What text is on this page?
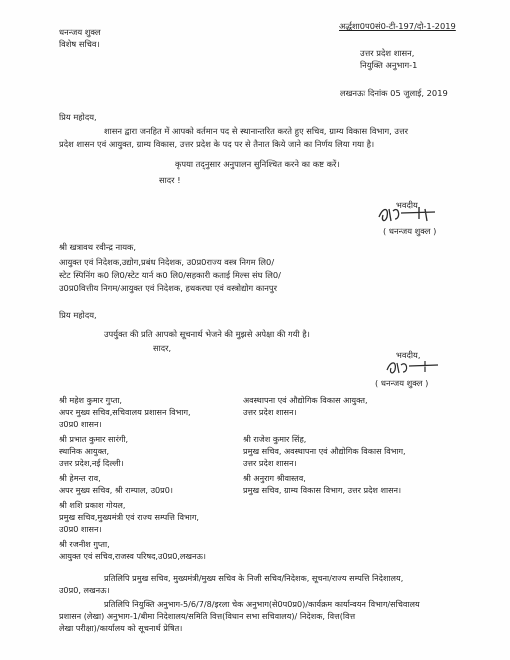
धनन्जय शुक्ल
विशेष सचिव।
अर्द्धशा0प0सं0-टी-197/दो-1-2019
उत्तर प्रदेश शासन,
नियुक्ति अनुभाग-1
लखनऊः दिनांक 05 जुलाई, 2019
प्रिय महोदय,
शासन द्वारा जनहित में आपको वर्तमान पद से स्थानान्तरित करते हुए सचिव, ग्राम्य विकास विभाग, उत्तर
प्रदेश शासन एवं आयुक्त, ग्राम्य विकास, उत्तर प्रदेश के पद पर से तैनात किये जाने का निर्णय लिया गया है।
कृपया तद्नुसार अनुपालन सुनिश्चित करने का कष्ट करें।
सादर !
भवदीय,
( धनन्जय शुक्ल )
श्री खत्रावथ रवीन्द्र नायक,
आयुक्त एवं निदेशक,उद्योग,प्रबंध निदेशक, उ0प्र0राज्य वस्त्र निगम लि0/
स्टेट स्पिनिंग क0 लि0/स्टेट यार्न क0 लि0/सहकारी कताई मिल्स संघ लि0/
उ0प्र0वित्तीय निगम/आयुक्त एवं निदेशक, हथकरघा एवं वस्त्रोद्योग कानपुर
प्रिय महोदय,
उपर्युक्त की प्रति आपको सूचनार्थ भेजने की मुझसे अपेक्षा की गयी है।
सादर,
भवदीय,
( धनन्जय शुक्ल )
श्री महेश कुमार गुप्ता,
अपर मुख्य सचिव,सचिवालय प्रशासन विभाग,
उ0प्र0 शासन।
श्री प्रभात कुमार सारंगी,
स्थानिक आयुक्त,
उत्तर प्रदेश,नई दिल्ली।
श्री हेमन्त राव,
अपर मुख्य सचिव, श्री राम्पाल, उ0प्र0।
श्री शशि प्रकाश गोयल,
प्रमुख सचिव,मुख्यमंत्री एवं राज्य सम्पत्ति विभाग,
उ0प्र0 शासन।
श्री रजनीश गुप्ता,
आयुक्त एवं सचिव,राजस्व परिषद,उ0प्र0,लखनऊ।
अवस्थापना एवं औद्योगिक विकास आयुक्त,
उत्तर प्रदेश शासन।
श्री राजेश कुमार सिंह,
प्रमुख सचिव, अवस्थापना एवं औद्योगिक विकास विभाग,
उत्तर प्रदेश शासन।
श्री अनुराग श्रीवास्तव,
प्रमुख सचिव, ग्राम्य विकास विभाग, उत्तर प्रदेश शासन।
प्रतिलिपि प्रमुख सचिव, मुख्यमंत्री/मुख्य सचिव के निजी सचिव/निदेशक, सूचना/राज्य सम्पत्ति निदेशालय,
उ0प्र0, लखनऊ।
प्रतिलिपि नियुक्ति अनुभाग-5/6/7/8/इरला चेक अनुभाग(से0प0प्र0)/कार्यक्रम कार्यान्वयन विभाग/सचिवालय
प्रशासन (लेखा) अनुभाग-1/बीमा निदेशालय/समिति वित्त(विधान सभा सचिवालय)/ निदेशक, वित्त(वित्त
लेखा परीक्षा)/कार्यालय को सूचनार्थ प्रेषित।
